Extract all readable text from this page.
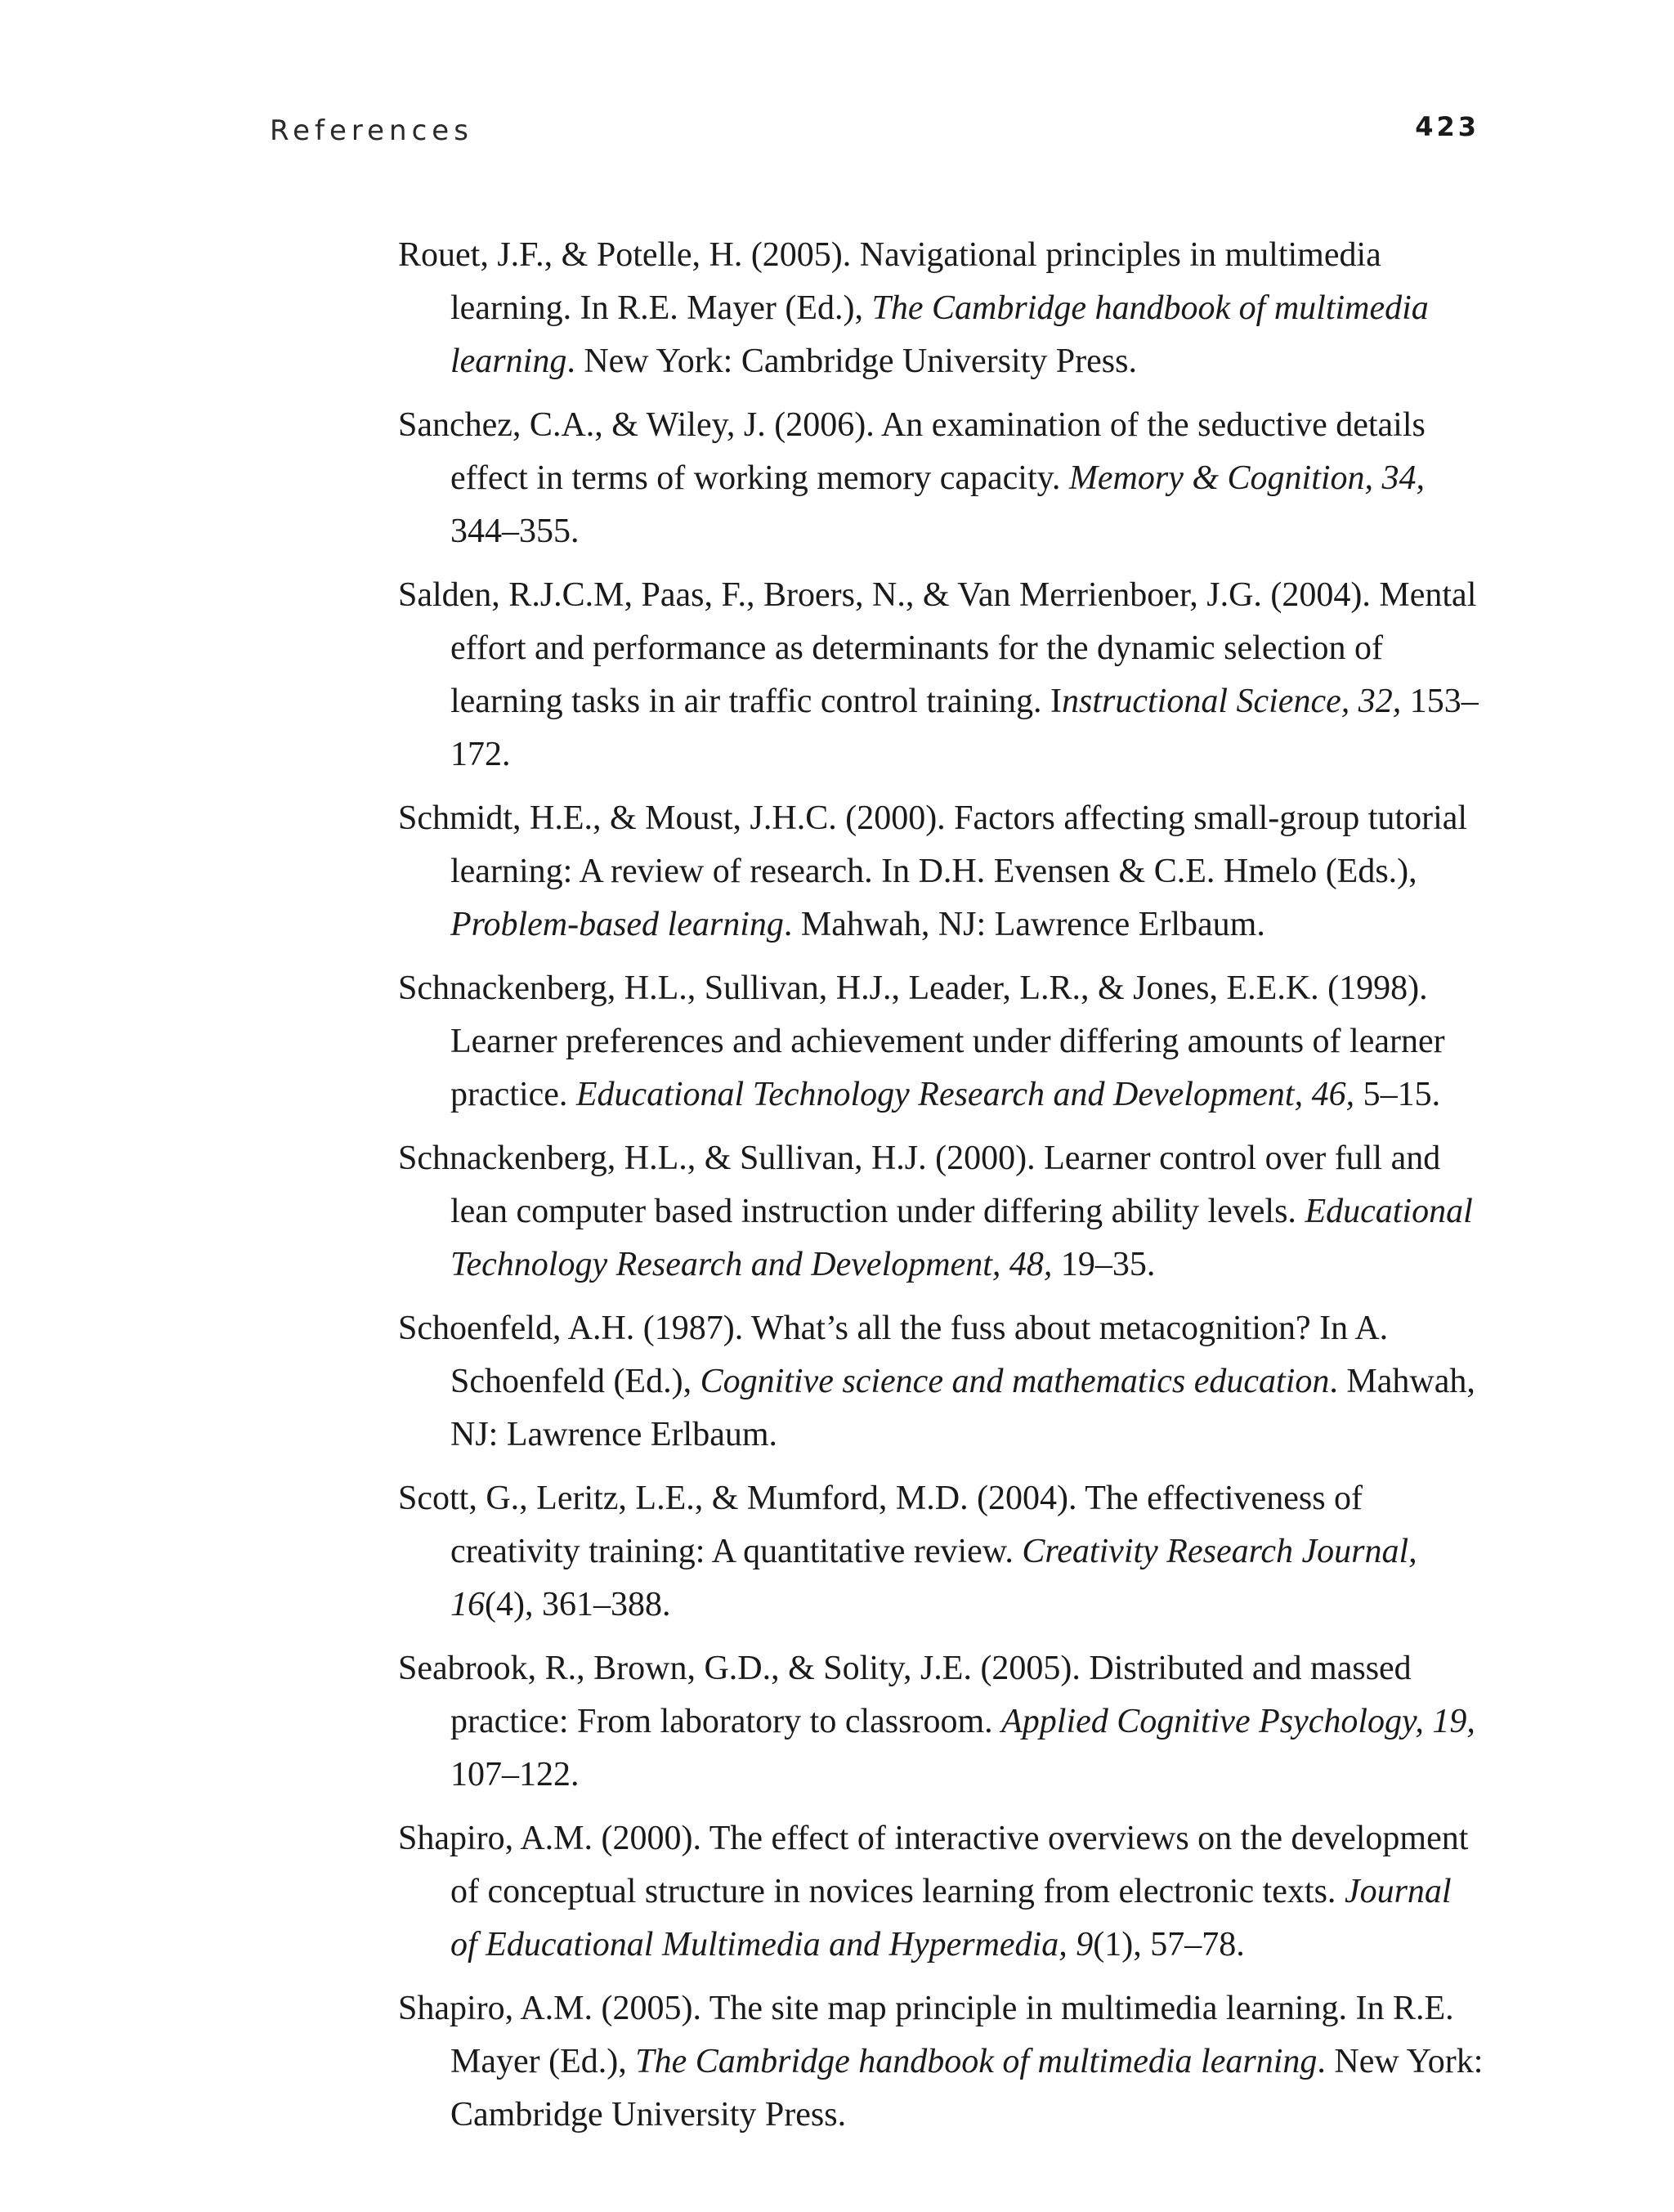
References	423

Rouet, J.F., & Potelle, H. (2005). Navigational principles in multimedia learning. In R.E. Mayer (Ed.), The Cambridge handbook of multimedia learning. New York: Cambridge University Press.

Sanchez, C.A., & Wiley, J. (2006). An examination of the seductive details effect in terms of working memory capacity. Memory & Cognition, 34, 344–355.

Salden, R.J.C.M, Paas, F., Broers, N., & Van Merrienboer, J.G. (2004). Mental effort and performance as determinants for the dynamic selection of learning tasks in air traffic control training. Instructional Science, 32, 153–172.

Schmidt, H.E., & Moust, J.H.C. (2000). Factors affecting small-group tutorial learning: A review of research. In D.H. Evensen & C.E. Hmelo (Eds.), Problem-based learning. Mahwah, NJ: Lawrence Erlbaum.

Schnackenberg, H.L., Sullivan, H.J., Leader, L.R., & Jones, E.E.K. (1998). Learner preferences and achievement under differing amounts of learner practice. Educational Technology Research and Development, 46, 5–15.

Schnackenberg, H.L., & Sullivan, H.J. (2000). Learner control over full and lean computer based instruction under differing ability levels. Educational Technology Research and Development, 48, 19–35.

Schoenfeld, A.H. (1987). What’s all the fuss about metacognition? In A. Schoenfeld (Ed.), Cognitive science and mathematics education. Mahwah, NJ: Lawrence Erlbaum.

Scott, G., Leritz, L.E., & Mumford, M.D. (2004). The effectiveness of creativity training: A quantitative review. Creativity Research Journal, 16(4), 361–388.

Seabrook, R., Brown, G.D., & Solity, J.E. (2005). Distributed and massed practice: From laboratory to classroom. Applied Cognitive Psychology, 19, 107–122.

Shapiro, A.M. (2000). The effect of interactive overviews on the development of conceptual structure in novices learning from electronic texts. Journal of Educational Multimedia and Hypermedia, 9(1), 57–78.

Shapiro, A.M. (2005). The site map principle in multimedia learning. In R.E. Mayer (Ed.), The Cambridge handbook of multimedia learning. New York: Cambridge University Press.
